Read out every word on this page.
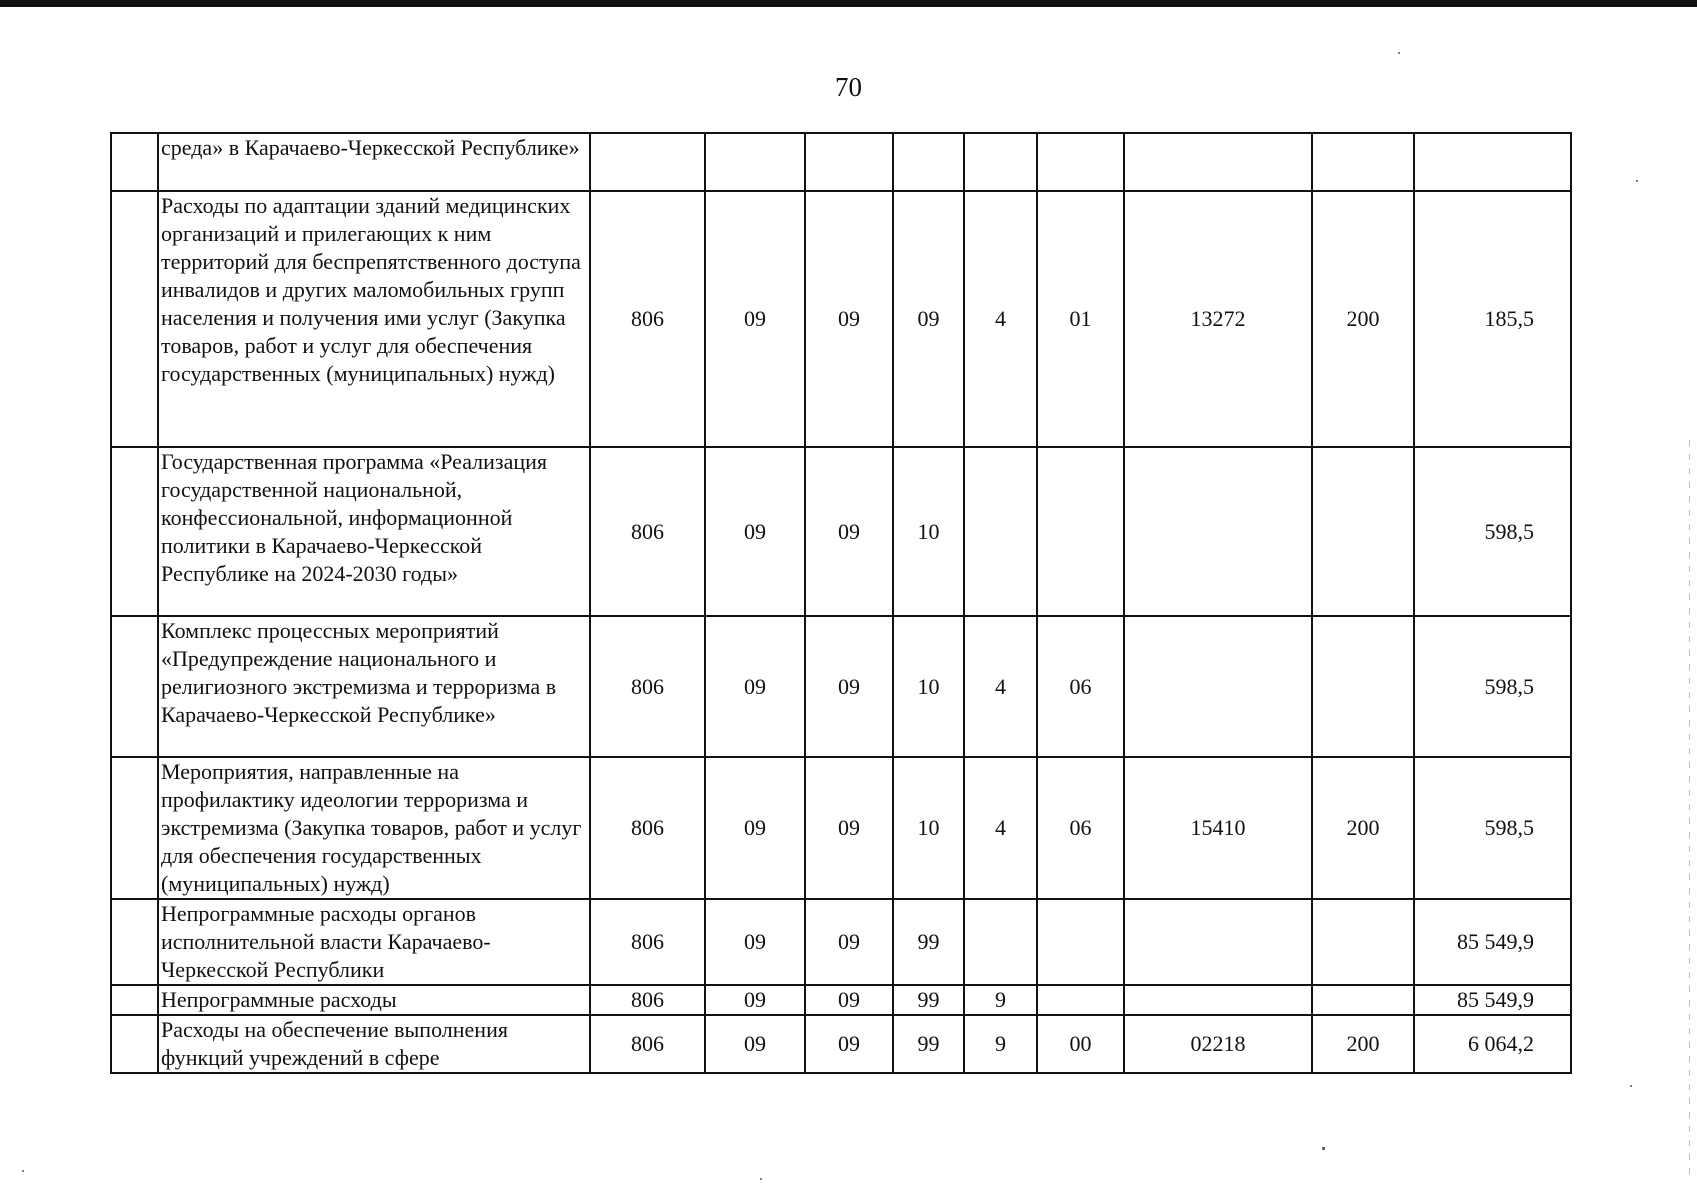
70
	среда» в Карачаево-Черкесской Республике»									
	Расходы по адаптации зданий медицинских организаций и прилегающих к ним территорий для беспрепятственного доступа инвалидов и других маломобильных групп населения и получения ими услуг (Закупка товаров, работ и услуг для обеспечения государственных (муниципальных) нужд)	806	09	09	09	4	01	13272	200	185,5
	Государственная программа «Реализация государственной национальной, конфессиональной, информационной политики в Карачаево-Черкесской Республике на 2024-2030 годы»	806	09	09	10					598,5
	Комплекс процессных мероприятий «Предупреждение национального и религиозного экстремизма и терроризма в Карачаево-Черкесской Республике»	806	09	09	10	4	06			598,5
	Мероприятия, направленные на профилактику идеологии терроризма и экстремизма (Закупка товаров, работ и услуг для обеспечения государственных (муниципальных) нужд)	806	09	09	10	4	06	15410	200	598,5
	Непрограммные расходы органов исполнительной власти Карачаево-Черкесской Республики	806	09	09	99					85 549,9
	Непрограммные расходы	806	09	09	99	9				85 549,9
	Расходы на обеспечение выполнения функций учреждений в сфере	806	09	09	99	9	00	02218	200	6 064,2
